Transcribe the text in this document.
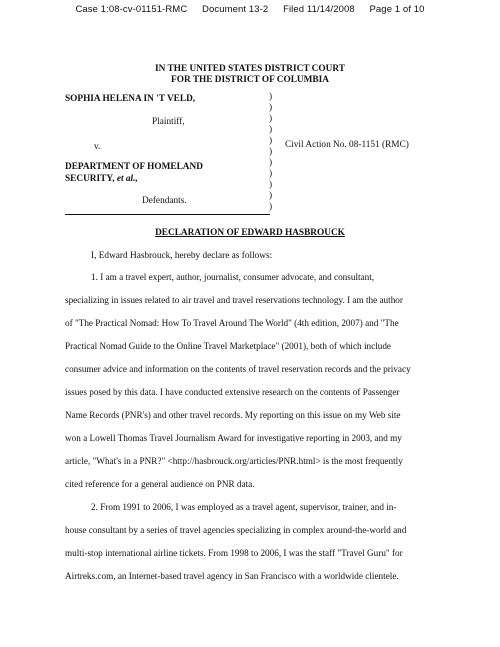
Case 1:08-cv-01151-RMC Document 13-2 Filed 11/14/2008 Page 1 of 10
IN THE UNITED STATES DISTRICT COURT
FOR THE DISTRICT OF COLUMBIA
SOPHIA HELENA IN 'T VELD,
Plaintiff,
v.
DEPARTMENT OF HOMELAND
SECURITY, et al.,
Defendants.
)
)
)
)
)
)
)
)
)
)
)
Civil Action No. 08-1151 (RMC)
DECLARATION OF EDWARD HASBROUCK
I, Edward Hasbrouck, hereby declare as follows:
1. I am a travel expert, author, journalist, consumer advocate, and consultant,
specializing in issues related to air travel and travel reservations technology. I am the author
of "The Practical Nomad: How To Travel Around The World" (4th edition, 2007) and "The
Practical Nomad Guide to the Online Travel Marketplace" (2001), both of which include
consumer advice and information on the contents of travel reservation records and the privacy
issues posed by this data. I have conducted extensive research on the contents of Passenger
Name Records (PNR's) and other travel records. My reporting on this issue on my Web site
won a Lowell Thomas Travel Journalism Award for investigative reporting in 2003, and my
article, "What's in a PNR?" <http://hasbrouck.org/articles/PNR.html> is the most frequently
cited reference for a general audience on PNR data.
2. From 1991 to 2006, I was employed as a travel agent, supervisor, trainer, and in-
house consultant by a series of travel agencies specializing in complex around-the-world and
multi-stop international airline tickets. From 1998 to 2006, I was the staff "Travel Guru" for
Airtreks.com, an Internet-based travel agency in San Francisco with a worldwide clientele.
